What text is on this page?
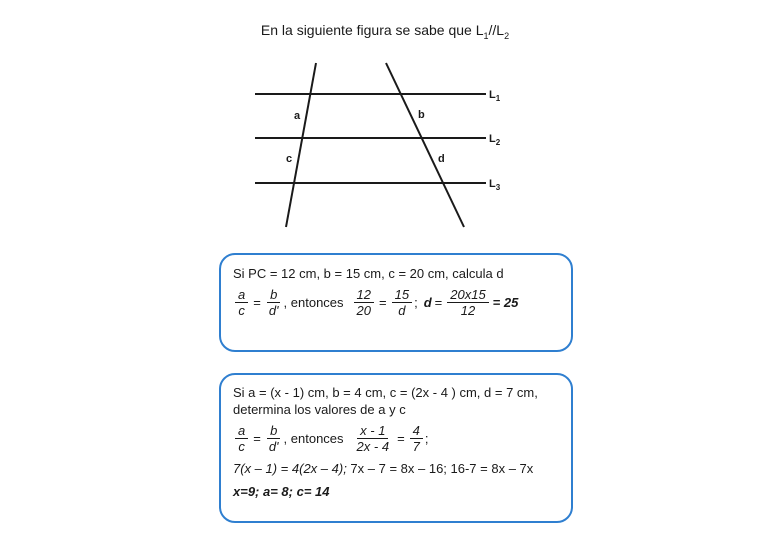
En la siguiente figura se sabe que $L_1//L_2$
a	b
c	d
$L_1$
$L_2$
$L_3$
Si PC = 12 cm, b = 15 cm, c = 20 cm, calcula d
$\frac{a}{c} = \frac{b}{d'}$ , entonces $\frac{12}{20} = \frac{15}{d}$ ; $d = \frac{20x15}{12} = 25$
Si a = (x - 1) cm, b = 4 cm, c = (2x - 4 ) cm, d = 7 cm,
determina los valores de a y c
$\frac{a}{c} = \frac{b}{d'}$ , entonces $\frac{x - 1}{2x - 4} = \frac{4}{7}$ ;
7(x – 1) = 4(2x – 4); 7x – 7 = 8x – 16; 16-7 = 8x – 7x
x=9; a= 8; c= 14
